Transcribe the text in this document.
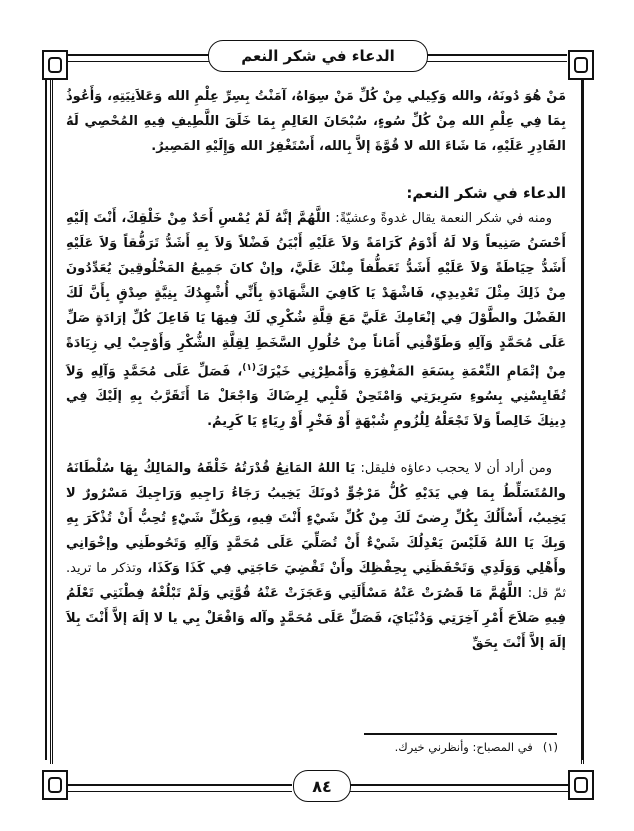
الدعاء في شكر النعم

مَنْ هُوَ دُونَهُ، والله وَكِيلي مِنْ كُلِّ مَنْ سِوَاهُ، آمَنْتُ بِسِرِّ عِلْمِ الله وَعَلاَنِيَتِهِ، وَأَعُوذُ بِمَا فِي عِلْمِ الله مِنْ كُلِّ سُوءٍ، سُبْحَانَ العَالِمِ بِمَا خَلَقَ اللَّطِيفِ فِيهِ المُحْصِي لَهُ القَادِرِ عَلَيْهِ، مَا شَاءَ الله لا قُوَّةَ إلاَّ بِالله، أَسْتَغْفِرُ الله وَإِلَيْهِ المَصِيرُ.

الدعاء في شكر النعم:

ومنه في شكر النعمة يقال غدوةً وعشيّةً: اللَّهُمَّ إنَّهُ لَمْ يُمْسِ أَحَدٌ مِنْ خَلْقِكَ، أَنْتَ إلَيْهِ أَحْسَنُ صَنِيعاً وَلا لَهُ أَدْوَمُ كَرَامَةً وَلاَ عَلَيْهِ أَبْيَنُ فَضْلاً وَلاَ بِهِ أَشَدُّ تَرَفُّقاً وَلاَ عَلَيْهِ أَشَدُّ حِيَاطَةً وَلاَ عَلَيْهِ أَشَدُّ تَعَطُّفاً مِنْكَ عَلَيَّ، وإنْ كانَ جَمِيعُ المَخْلُوقِينَ يُعَدِّدُونَ مِنْ ذَلِكَ مِثْلَ تَعْدِيدِي، فَاشْهَدْ يَا كَافِيَ الشَّهَادَةِ بِأَنِّي أُشْهِدُكَ بِنِيَّةٍ صِدْقٍ بِأَنَّ لَكَ الفَضْلَ والطَّوْلَ فِي إنْعَامِكَ عَلَيَّ مَعَ قِلَّةِ شُكْرِي لَكَ فِيهَا يَا فَاعِلَ كُلِّ إرَادَةٍ صَلِّ عَلَى مُحَمَّدٍ وَآلِهِ وَطَوِّقْنِي أَمَاناً مِنْ حُلُولِ السَّخَطِ لِقِلَّةِ الشُّكْرِ وَأَوْجِبْ لِي زِيَادَةً مِنْ إتْمَامِ النِّعْمَةِ بِسَعَةِ المَغْفِرَةِ وَأَمْطِرْنِي خَيْرَكَ$^{(١)}$، فَصَلِّ عَلَى مُحَمَّدٍ وَآلِهِ وَلاَ تُقَايِسْنِي بِسُوءِ سَرِيرَتِي وَامْتَحِنْ قَلْبِي لِرِضَاكَ وَاجْعَلْ مَا أَتَقَرَّبُ بِهِ إلَيْكَ فِي دِينِكَ خَالِصاً وَلاَ تَجْعَلْهُ لِلُزُومِ شُبْهَةٍ أَوْ فَخْرٍ أَوْ رِيَاءٍ يَا كَرِيمُ.

ومن أراد أن لا يحجب دعاؤه فليقل: يَا اللهُ المَانِعُ قُدْرَتُهُ خَلْقَهُ والمَالِكُ بِهَا سُلْطَانَهُ والمُتَسَلِّطُ بِمَا فِي يَدَيْهِ كُلُّ مَرْجُوٍّ دُونَكَ يَخِيبُ رَجَاءُ رَاجِيهِ وَرَاجِيكَ مَسْرُورٌ لا يَخِيبُ، أَسْأَلُكَ بِكُلِّ رِضىً لَكَ مِنْ كُلِّ شَيْءٍ أَنْتَ فِيهِ، وَبِكُلِّ شَيْءٍ تُحِبُّ أَنْ تُذْكَرَ بِهِ وَبِكَ يَا اللهُ فَلَيْسَ يَعْدِلُكَ شَيْءٌ أَنْ تُصَلِّيَ عَلَى مُحَمَّدٍ وَآلِهِ وَتَحُوطَنِي وإخْوَانِي وأَهْلِي وَوَلَدِي وَتَحْفَظَنِي بِحِفْظِكَ وأَنْ تَقْضِيَ حَاجَتِي فِي كَذَا وَكَذَا، وتذكر ما تريد. ثمّ قل: اللَّهُمَّ مَا قَصُرَتْ عَنْهُ مَسْأَلَتِي وَعَجَزَتْ عَنْهُ قُوَّتِي وَلَمْ تَبْلُغْهُ فِطْنَتِي تَعْلَمُ فِيهِ صَلاَحَ أَمْرِ آخِرَتِي وَدُنْيَايَ، فَصَلِّ عَلَى مُحَمَّدٍ وآله وَافْعَلْ بِي يا لا إلَهَ إلاَّ أَنْتَ بِلاَ إلَهَ إلاَّ أَنْتَ بِحَقِّ

(١)في المصباح: وأنظرني خيرك.
٨٤
